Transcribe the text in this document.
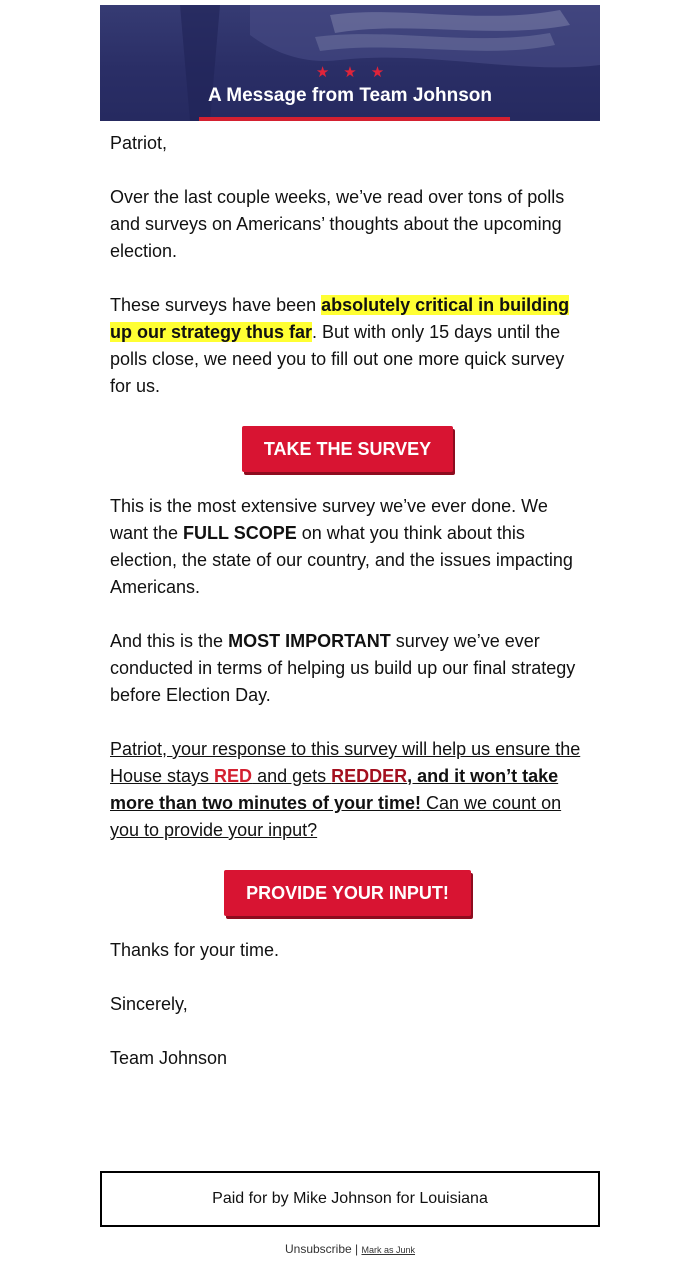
★★★
A Message from Team Johnson

Patriot,

Over the last couple weeks, we’ve read over tons of polls and surveys on Americans’ thoughts about the upcoming election.

These surveys have been absolutely critical in building up our strategy thus far. But with only 15 days until the polls close, we need you to fill out one more quick survey for us.

TAKE THE SURVEY

This is the most extensive survey we’ve ever done. We want the FULL SCOPE on what you think about this election, the state of our country, and the issues impacting Americans.

And this is the MOST IMPORTANT survey we’ve ever conducted in terms of helping us build up our final strategy before Election Day.

Patriot, your response to this survey will help us ensure the House stays RED and gets REDDER, and it won’t take more than two minutes of your time! Can we count on you to provide your input?

PROVIDE YOUR INPUT!

Thanks for your time.

Sincerely,

Team Johnson

Paid for by Mike Johnson for Louisiana
Unsubscribe | Mark as Junk
